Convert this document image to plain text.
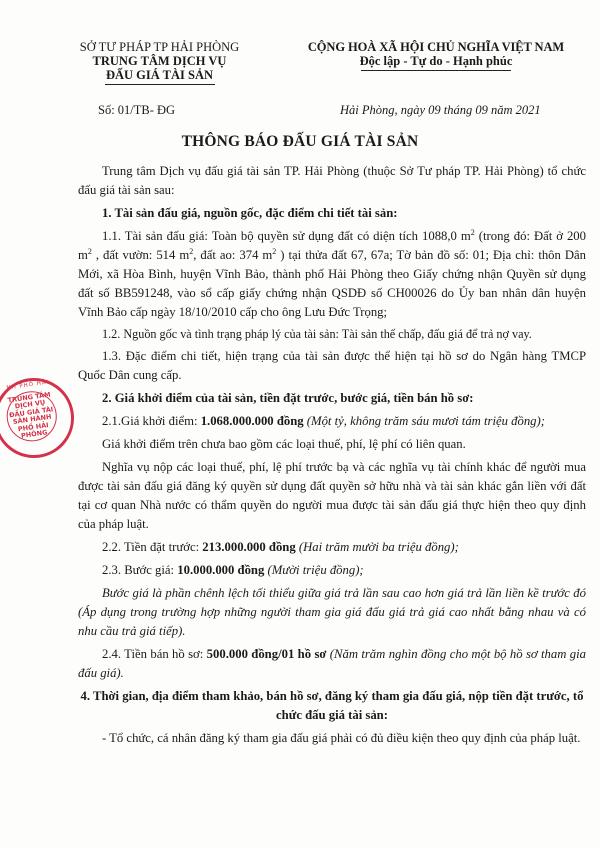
SỞ TƯ PHÁP TP HẢI PHÒNG
TRUNG TÂM DỊCH VỤ
ĐẤU GIÁ TÀI SẢN
CỘNG HOÀ XÃ HỘI CHỦ NGHĨA VIỆT NAM
Độc lập - Tự do - Hạnh phúc
Số: 01/TB- ĐG	Hải Phòng, ngày 09 tháng 09 năm 2021
THÔNG BÁO ĐẤU GIÁ TÀI SẢN
NH PHỐ HẢI
TRUNG TÂM DỊCH VỤ ĐẤU GIÁ TÀI SẢN HÀNH PHỐ HẢI PHÒNG

Trung tâm Dịch vụ đấu giá tài sản TP. Hải Phòng (thuộc Sở Tư pháp TP. Hải Phòng) tổ chức đấu giá tài sản sau:

1. Tài sản đấu giá, nguồn gốc, đặc điểm chi tiết tài sản:

1.1. Tài sản đấu giá: Toàn bộ quyền sử dụng đất có diện tích 1088,0 $m^2$ (trong đó: Đất ở 200 $m^2$ , đất vườn: 514 $m^2$, đất ao: 374 $m^2$ ) tại thửa đất 67, 67a; Tờ bản đồ số: 01; Địa chỉ: thôn Dân Mới, xã Hòa Bình, huyện Vĩnh Bảo, thành phố Hải Phòng theo Giấy chứng nhận Quyền sử dụng đất số BB591248, vào sổ cấp giấy chứng nhận QSDĐ số CH00026 do Ủy ban nhân dân huyện Vĩnh Bảo cấp ngày 18/10/2010 cấp cho ông Lưu Đức Trọng;

1.2. Nguồn gốc và tình trạng pháp lý của tài sản: Tài sản thế chấp, đấu giá để trả nợ vay.

1.3. Đặc điểm chi tiết, hiện trạng của tài sản được thể hiện tại hồ sơ do Ngân hàng TMCP Quốc Dân cung cấp.

2. Giá khởi điểm của tài sản, tiền đặt trước, bước giá, tiền bán hồ sơ:

2.1.Giá khởi điểm: 1.068.000.000 đồng (Một tỷ, không trăm sáu mươi tám triệu đồng);

Giá khởi điểm trên chưa bao gồm các loại thuế, phí, lệ phí có liên quan.

Nghĩa vụ nộp các loại thuế, phí, lệ phí trước bạ và các nghĩa vụ tài chính khác để người mua được tài sản đấu giá đăng ký quyền sử dụng đất quyền sở hữu nhà và tài sản khác gắn liền với đất tại cơ quan Nhà nước có thẩm quyền do người mua được tài sản đấu giá thực hiện theo quy định của pháp luật.

2.2. Tiền đặt trước: 213.000.000 đồng (Hai trăm mười ba triệu đồng);

2.3. Bước giá: 10.000.000 đồng (Mười triệu đồng);

Bước giá là phần chênh lệch tối thiểu giữa giá trả lần sau cao hơn giá trả lần liền kề trước đó (Áp dụng trong trường hợp những người tham gia giá đấu giá trả giá cao nhất bằng nhau và có nhu cầu trả giá tiếp).

2.4. Tiền bán hồ sơ: 500.000 đồng/01 hồ sơ (Năm trăm nghìn đồng cho một bộ hồ sơ tham gia đấu giá).

4. Thời gian, địa điểm tham khảo, bán hồ sơ, đăng ký tham gia đấu giá, nộp tiền đặt trước, tổ chức đấu giá tài sản:

- Tổ chức, cá nhân đăng ký tham gia đấu giá phải có đủ điều kiện theo quy định của pháp luật.
